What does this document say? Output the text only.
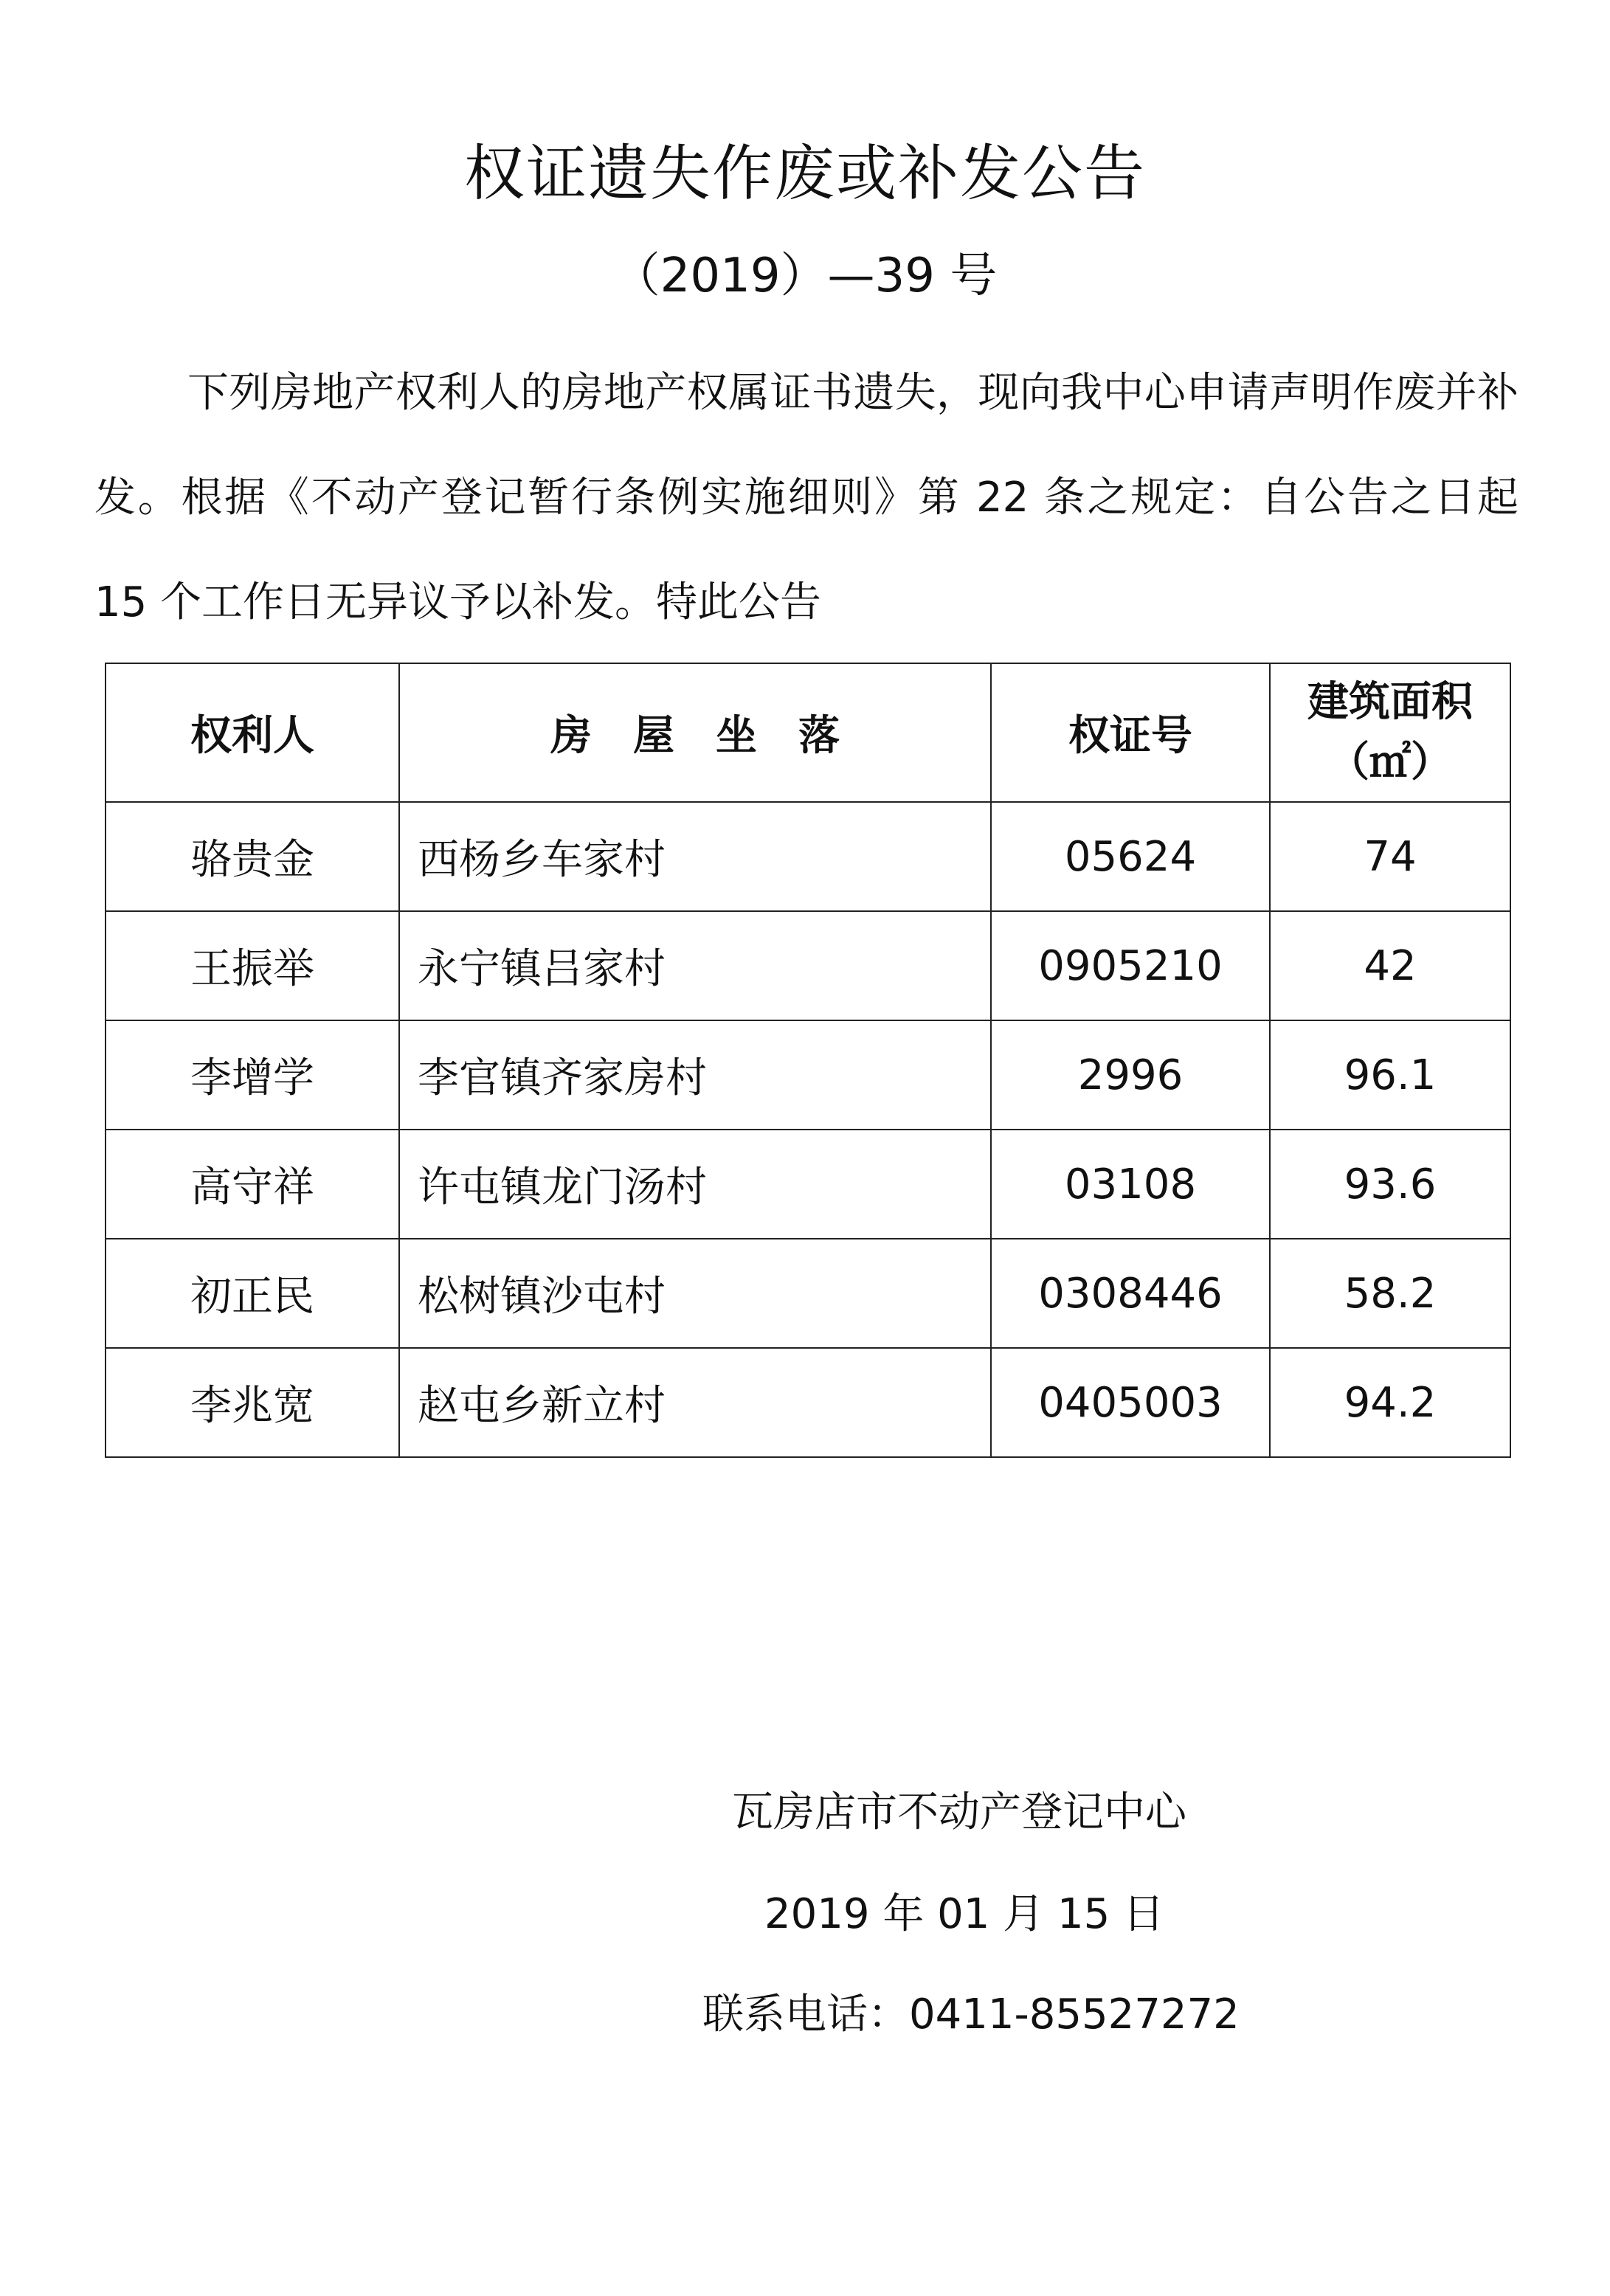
权证遗失作废或补发公告
（2019）—39 号
下列房地产权利人的房地产权属证书遗失，现向我中心申请声明作废并补发。根据《不动产登记暂行条例实施细则》第 22 条之规定：自公告之日起 15 个工作日无异议予以补发。特此公告
权利人	房　屋　坐　落	权证号	建筑面积
（㎡）

骆贵金	西杨乡车家村	05624	74
王振举	永宁镇吕家村	0905210	42
李增学	李官镇齐家房村	2996	96.1
高守祥	许屯镇龙门汤村	03108	93.6
初正民	松树镇沙屯村	0308446	58.2
李兆宽	赵屯乡新立村	0405003	94.2
瓦房店市不动产登记中心
2019 年 01 月 15 日
联系电话：0411-85527272
